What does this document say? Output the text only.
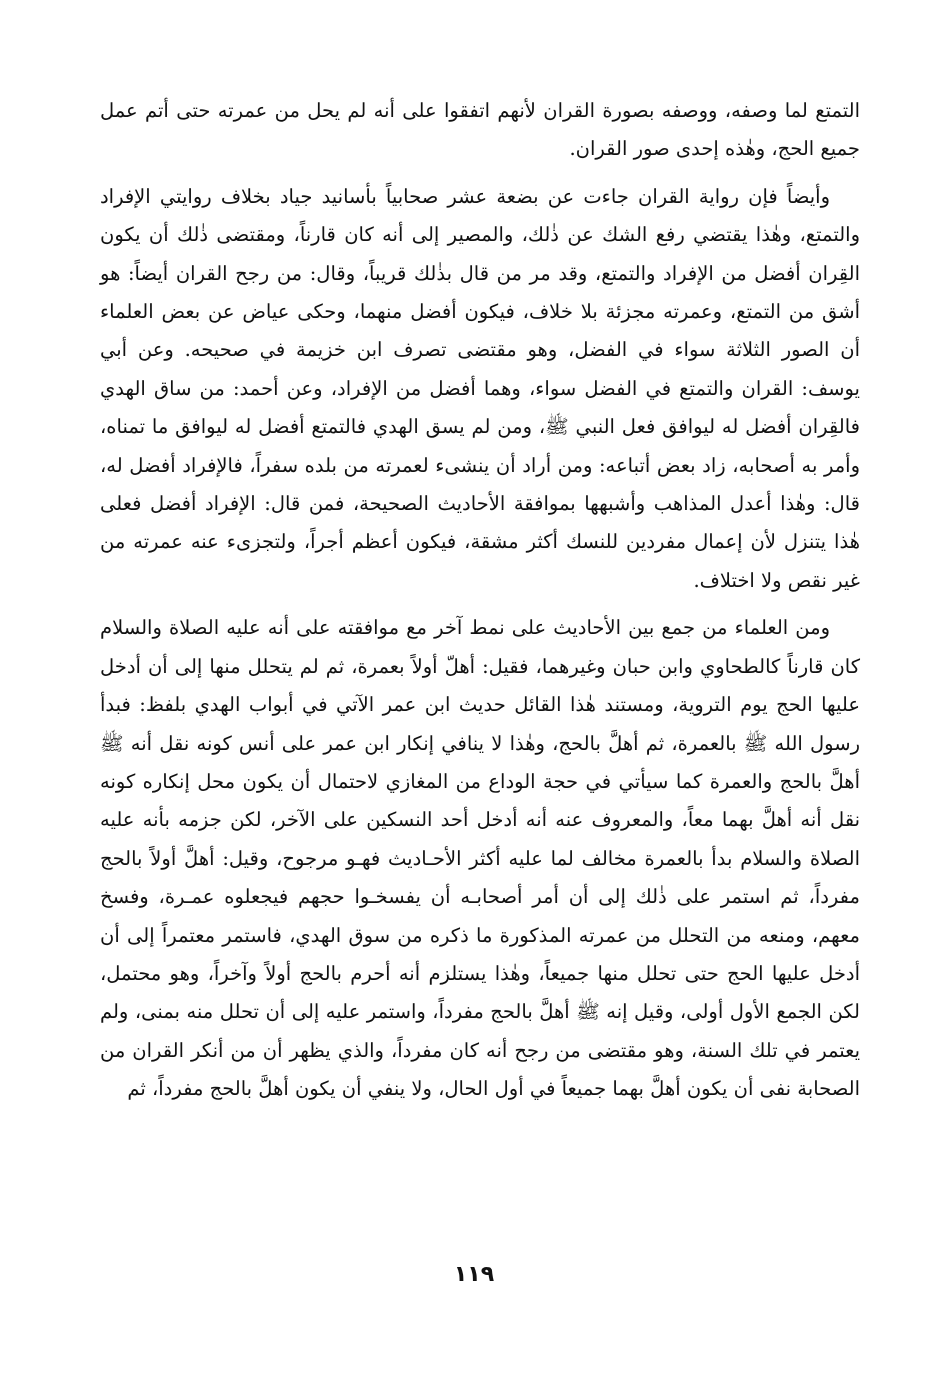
التمتع لما وصفه، ووصفه بصورة القران لأنهم اتفقوا على أنه لم يحل من عمرته حتى أتم عمل جميع الحج، وهٰذه إحدى صور القران.

وأيضاً فإن رواية القران جاءت عن بضعة عشر صحابياً بأسانيد جياد بخلاف روايتي الإفراد والتمتع، وهٰذا يقتضي رفع الشك عن ذٰلك، والمصير إلى أنه كان قارناً، ومقتضى ذٰلك أن يكون القِران أفضل من الإفراد والتمتع، وقد مر من قال بذٰلك قريباً، وقال: من رجح القران أيضاً: هو أشق من التمتع، وعمرته مجزئة بلا خلاف، فيكون أفضل منهما، وحكى عياض عن بعض العلماء أن الصور الثلاثة سواء في الفضل، وهو مقتضى تصرف ابن خزيمة في صحيحه. وعن أبي يوسف: القران والتمتع في الفضل سواء، وهما أفضل من الإفراد، وعن أحمد: من ساق الهدي فالقِران أفضل له ليوافق فعل النبي ﷺ، ومن لم يسق الهدي فالتمتع أفضل له ليوافق ما تمناه، وأمر به أصحابه، زاد بعض أتباعه: ومن أراد أن ينشىء لعمرته من بلده سفراً، فالإفراد أفضل له، قال: وهٰذا أعدل المذاهب وأشبهها بموافقة الأحاديث الصحيحة، فمن قال: الإفراد أفضل فعلى هٰذا يتنزل لأن إعمال مفردين للنسك أكثر مشقة، فيكون أعظم أجراً، ولتجزىء عنه عمرته من غير نقص ولا اختلاف.

ومن العلماء من جمع بين الأحاديث على نمط آخر مع موافقته على أنه عليه الصلاة والسلام كان قارناً كالطحاوي وابن حبان وغيرهما، فقيل: أهلّ أولاً بعمرة، ثم لم يتحلل منها إلى أن أدخل عليها الحج يوم التروية، ومستند هٰذا القائل حديث ابن عمر الآتي في أبواب الهدي بلفظ: فبدأ رسول الله ﷺ بالعمرة، ثم أهلَّ بالحج، وهٰذا لا ينافي إنكار ابن عمر على أنس كونه نقل أنه ﷺ أهلَّ بالحج والعمرة كما سيأتي في حجة الوداع من المغازي لاحتمال أن يكون محل إنكاره كونه نقل أنه أهلَّ بهما معاً، والمعروف عنه أنه أدخل أحد النسكين على الآخر، لكن جزمه بأنه عليه الصلاة والسلام بدأ بالعمرة مخالف لما عليه أكثر الأحـاديث فهـو مرجوح، وقيل: أهلَّ أولاً بالحج مفرداً، ثم استمر على ذٰلك إلى أن أمر أصحابـه أن يفسخـوا حجهم فيجعلوه عمـرة، وفسخ معهم، ومنعه من التحلل من عمرته المذكورة ما ذكره من سوق الهدي، فاستمر معتمراً إلى أن أدخل عليها الحج حتى تحلل منها جميعاً، وهٰذا يستلزم أنه أحرم بالحج أولاً وآخراً، وهو محتمل، لكن الجمع الأول أولى، وقيل إنه ﷺ أهلَّ بالحج مفرداً، واستمر عليه إلى أن تحلل منه بمنى، ولم يعتمر في تلك السنة، وهو مقتضى من رجح أنه كان مفرداً، والذي يظهر أن من أنكر القران من الصحابة نفى أن يكون أهلَّ بهما جميعاً في أول الحال، ولا ينفي أن يكون أهلَّ بالحج مفرداً، ثم

١١٩
